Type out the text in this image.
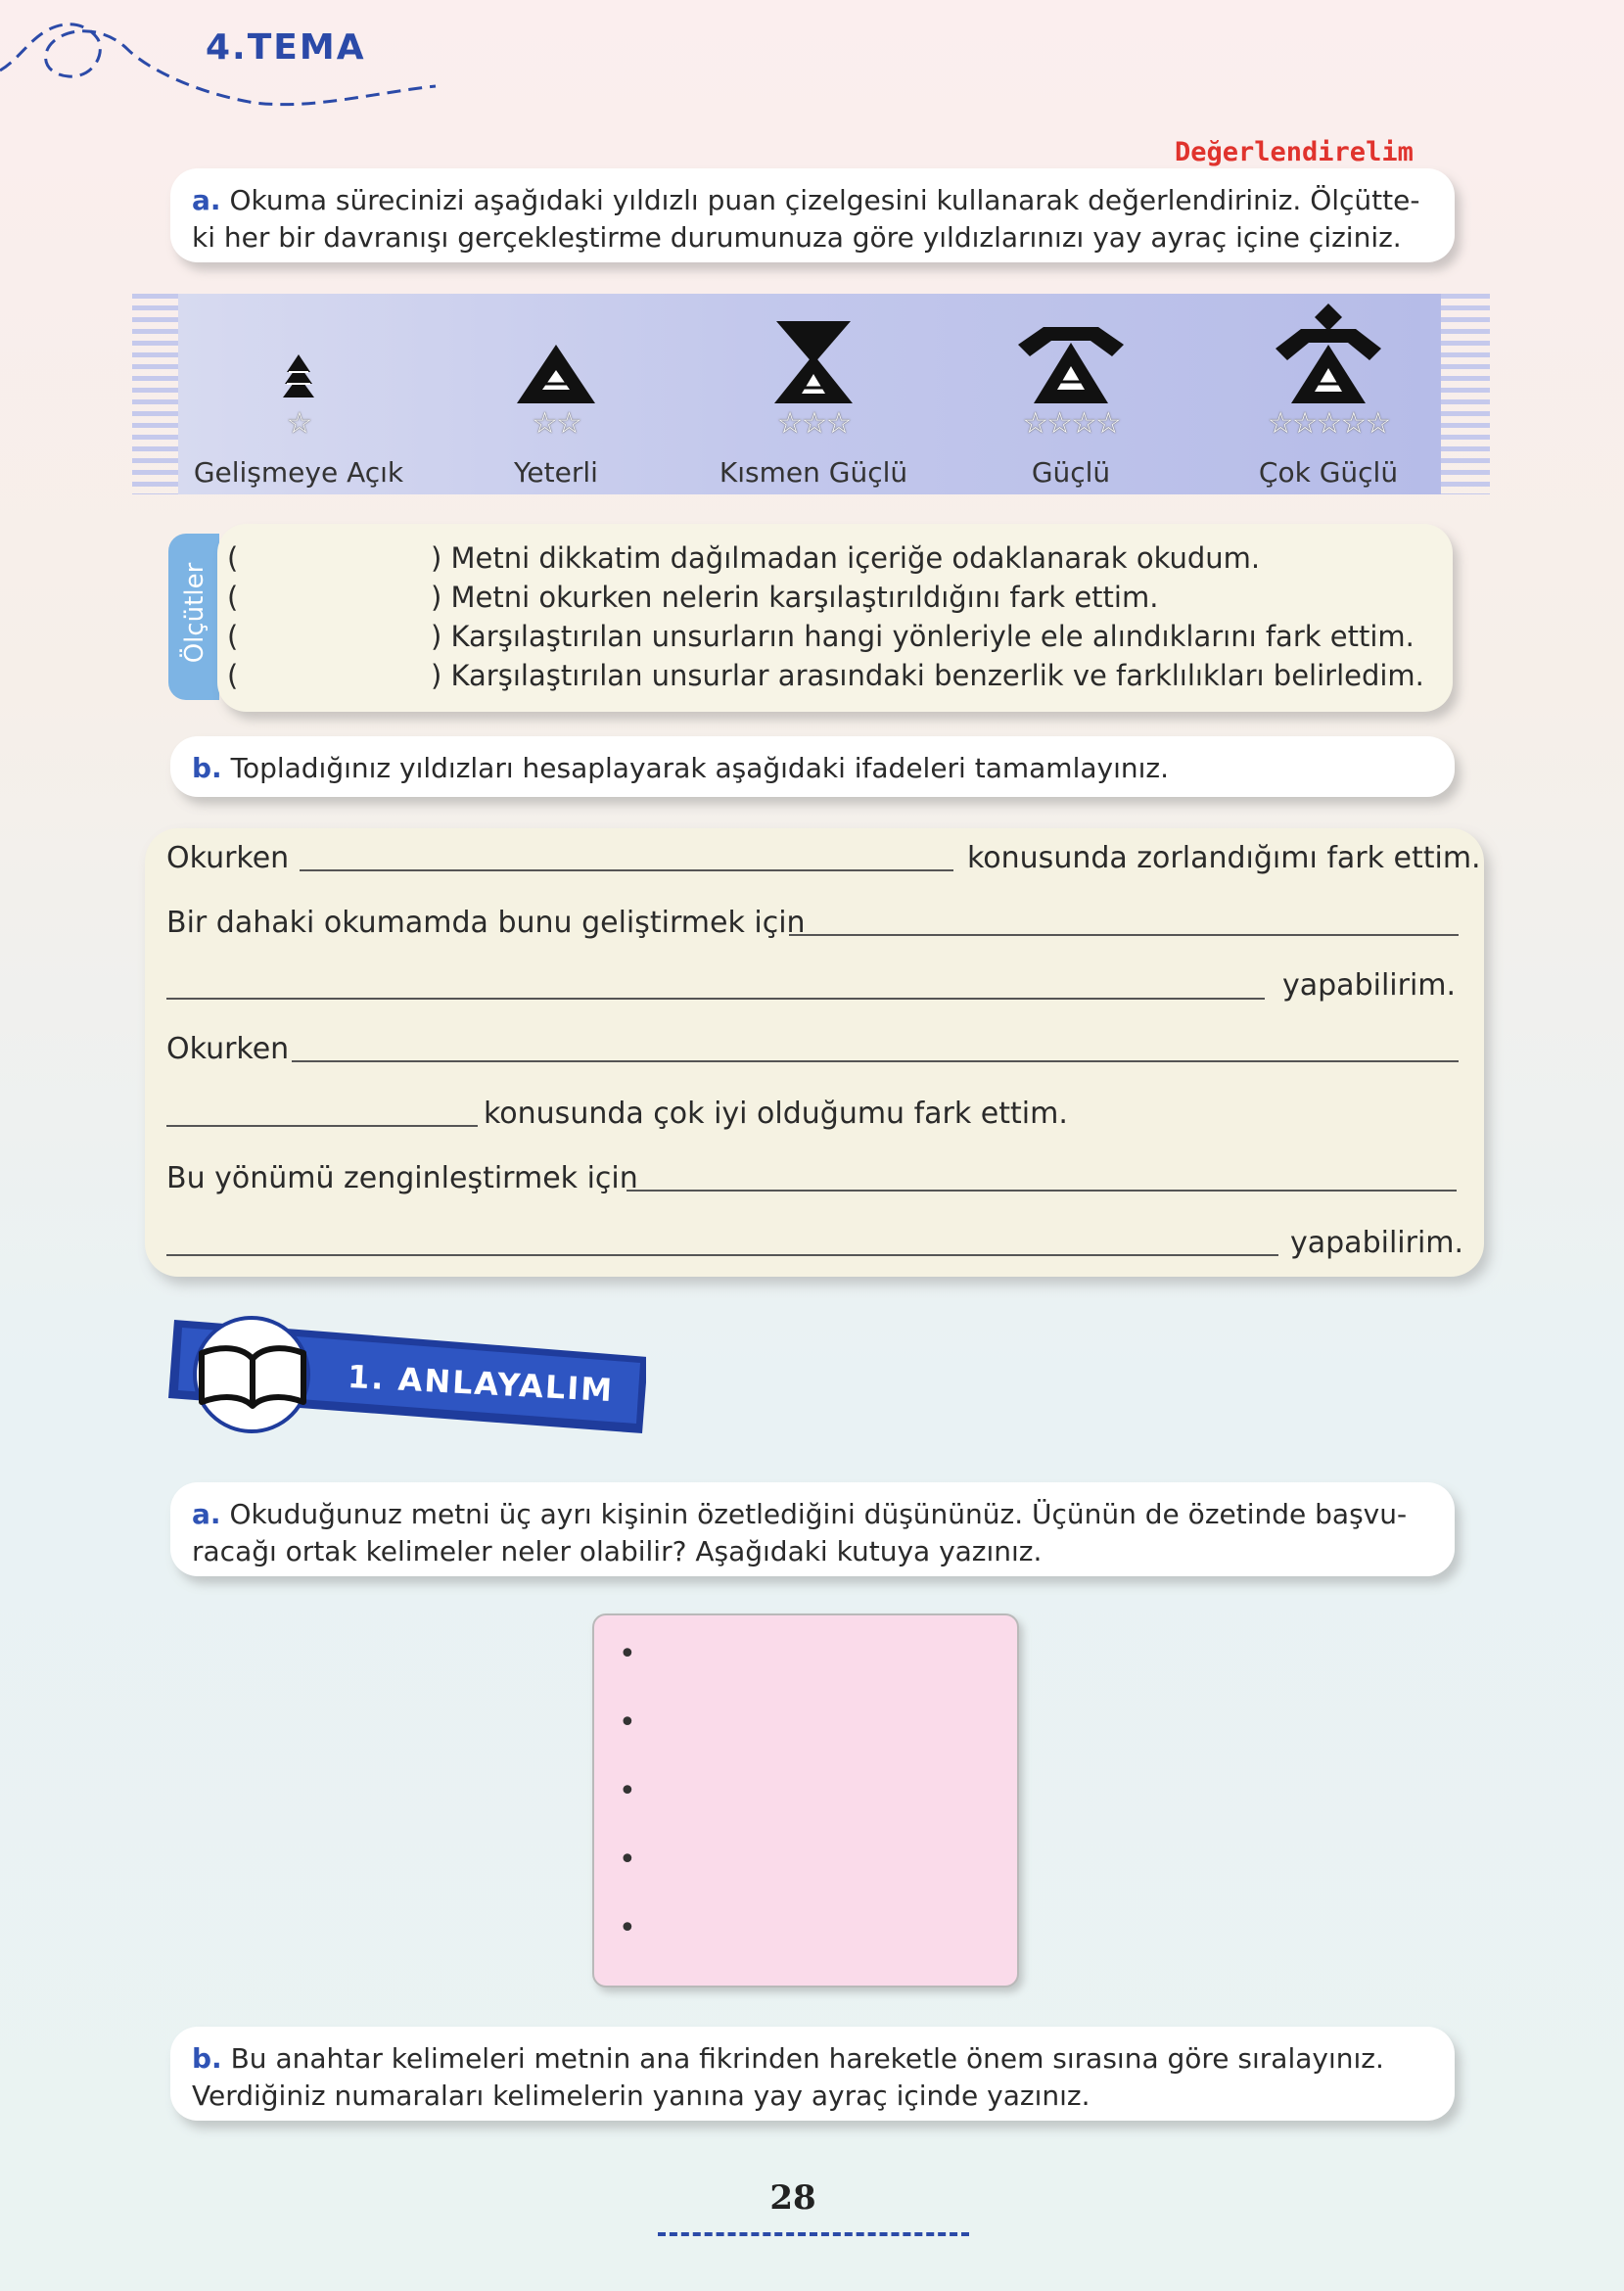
4.TEMA
Değerlendirelim
a. Okuma sürecinizi aşağıdaki yıldızlı puan çizelgesini kullanarak değerlendiriniz. Ölçütte-
ki her bir davranışı gerçekleştirme durumunuza göre yıldızlarınızı yay ayraç içine çiziniz.
☆
Gelişmeye Açık
☆☆
Yeterli
☆☆☆
Kısmen Güçlü
☆☆☆☆
Güçlü
☆☆☆☆☆
Çok Güçlü
Ölçütler
(	) Metni dikkatim dağılmadan içeriğe odaklanarak okudum.
(	) Metni okurken nelerin karşılaştırıldığını fark ettim.
(	) Karşılaştırılan unsurların hangi yönleriyle ele alındıklarını fark ettim.
(	) Karşılaştırılan unsurlar arasındaki benzerlik ve farklılıkları belirledim.
b. Topladığınız yıldızları hesaplayarak aşağıdaki ifadeleri tamamlayınız.
Okurken	konusunda zorlandığımı fark ettim.
Bir dahaki okumamda bunu geliştirmek için
yapabilirim.
Okurken
konusunda çok iyi olduğumu fark ettim.
Bu yönümü zenginleştirmek için
yapabilirim.
1. ANLAYALIM
a. Okuduğunuz metni üç ayrı kişinin özetlediğini düşününüz. Üçünün de özetinde başvu-
racağı ortak kelimeler neler olabilir? Aşağıdaki kutuya yazınız.
•
•
•
•
•
b. Bu anahtar kelimeleri metnin ana fikrinden hareketle önem sırasına göre sıralayınız.
Verdiğiniz numaraları kelimelerin yanına yay ayraç içinde yazınız.
28
